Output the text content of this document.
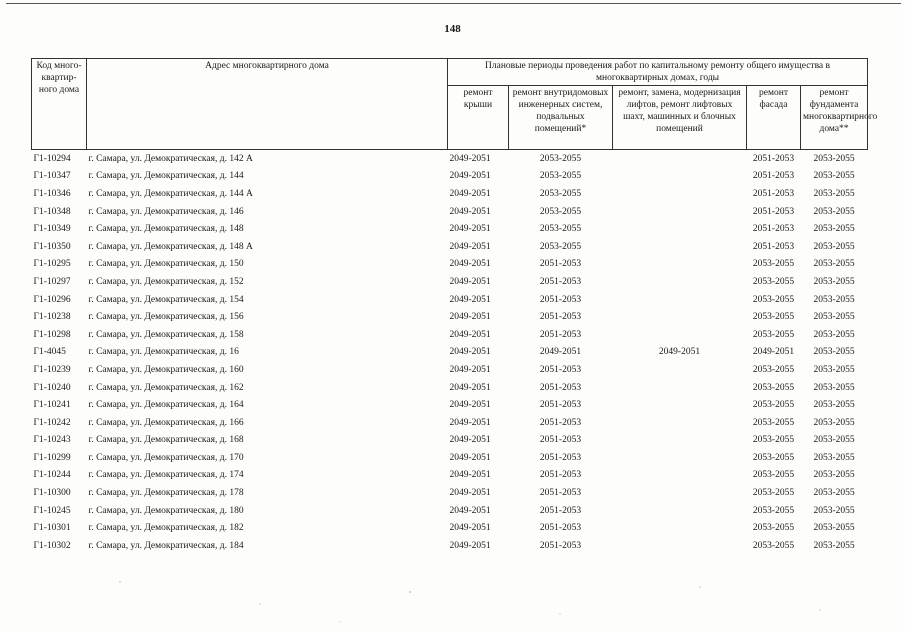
148
Код много-квартир-ного дома	Адрес многоквартирного дома	Плановые периоды проведения работ по капитальному ремонту общего имущества в многоквартирных домах, годы				
		ремонт крыши	ремонт внутридомовых инженерных систем, подвальных помещений*	ремонт, замена, модернизация лифтов, ремонт лифтовых шахт, машинных и блочных помещений	ремонт фасада	ремонт фундамента многоквартирного дома**
Г1-10294	г. Самара, ул. Демократическая, д. 142 А	2049-2051	2053-2055		2051-2053	2053-2055
Г1-10347	г. Самара, ул. Демократическая, д. 144	2049-2051	2053-2055		2051-2053	2053-2055
Г1-10346	г. Самара, ул. Демократическая, д. 144 А	2049-2051	2053-2055		2051-2053	2053-2055
Г1-10348	г. Самара, ул. Демократическая, д. 146	2049-2051	2053-2055		2051-2053	2053-2055
Г1-10349	г. Самара, ул. Демократическая, д. 148	2049-2051	2053-2055		2051-2053	2053-2055
Г1-10350	г. Самара, ул. Демократическая, д. 148 А	2049-2051	2053-2055		2051-2053	2053-2055
Г1-10295	г. Самара, ул. Демократическая, д. 150	2049-2051	2051-2053		2053-2055	2053-2055
Г1-10297	г. Самара, ул. Демократическая, д. 152	2049-2051	2051-2053		2053-2055	2053-2055
Г1-10296	г. Самара, ул. Демократическая, д. 154	2049-2051	2051-2053		2053-2055	2053-2055
Г1-10238	г. Самара, ул. Демократическая, д. 156	2049-2051	2051-2053		2053-2055	2053-2055
Г1-10298	г. Самара, ул. Демократическая, д. 158	2049-2051	2051-2053		2053-2055	2053-2055
Г1-4045	г. Самара, ул. Демократическая, д. 16	2049-2051	2049-2051	2049-2051	2049-2051	2053-2055
Г1-10239	г. Самара, ул. Демократическая, д. 160	2049-2051	2051-2053		2053-2055	2053-2055
Г1-10240	г. Самара, ул. Демократическая, д. 162	2049-2051	2051-2053		2053-2055	2053-2055
Г1-10241	г. Самара, ул. Демократическая, д. 164	2049-2051	2051-2053		2053-2055	2053-2055
Г1-10242	г. Самара, ул. Демократическая, д. 166	2049-2051	2051-2053		2053-2055	2053-2055
Г1-10243	г. Самара, ул. Демократическая, д. 168	2049-2051	2051-2053		2053-2055	2053-2055
Г1-10299	г. Самара, ул. Демократическая, д. 170	2049-2051	2051-2053		2053-2055	2053-2055
Г1-10244	г. Самара, ул. Демократическая, д. 174	2049-2051	2051-2053		2053-2055	2053-2055
Г1-10300	г. Самара, ул. Демократическая, д. 178	2049-2051	2051-2053		2053-2055	2053-2055
Г1-10245	г. Самара, ул. Демократическая, д. 180	2049-2051	2051-2053		2053-2055	2053-2055
Г1-10301	г. Самара, ул. Демократическая, д. 182	2049-2051	2051-2053		2053-2055	2053-2055
Г1-10302	г. Самара, ул. Демократическая, д. 184	2049-2051	2051-2053		2053-2055	2053-2055
